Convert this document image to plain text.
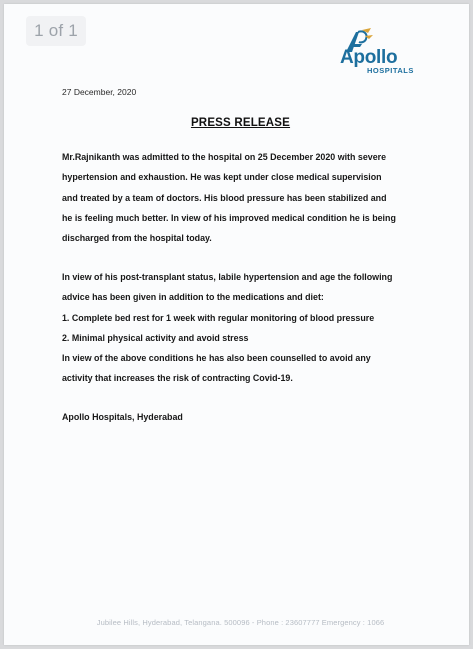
1 of 1
Apollo
HOSPITALS
27 December, 2020
PRESS RELEASE
Mr.Rajnikanth was admitted to the hospital on 25 December 2020 with severe
hypertension and exhaustion. He was kept under close medical supervision
and treated by a team of doctors. His blood pressure has been stabilized and
he is feeling much better. In view of his improved medical condition he is being
discharged from the hospital today.
In view of his post-transplant status, labile hypertension and age the following
advice has been given in addition to the medications and diet:
1. Complete bed rest for 1 week with regular monitoring of blood pressure
2. Minimal physical activity and avoid stress
In view of the above conditions he has also been counselled to avoid any
activity that increases the risk of contracting Covid-19.
Apollo Hospitals, Hyderabad
Jubilee Hills, Hyderabad, Telangana. 500096 - Phone : 23607777 Emergency : 1066
